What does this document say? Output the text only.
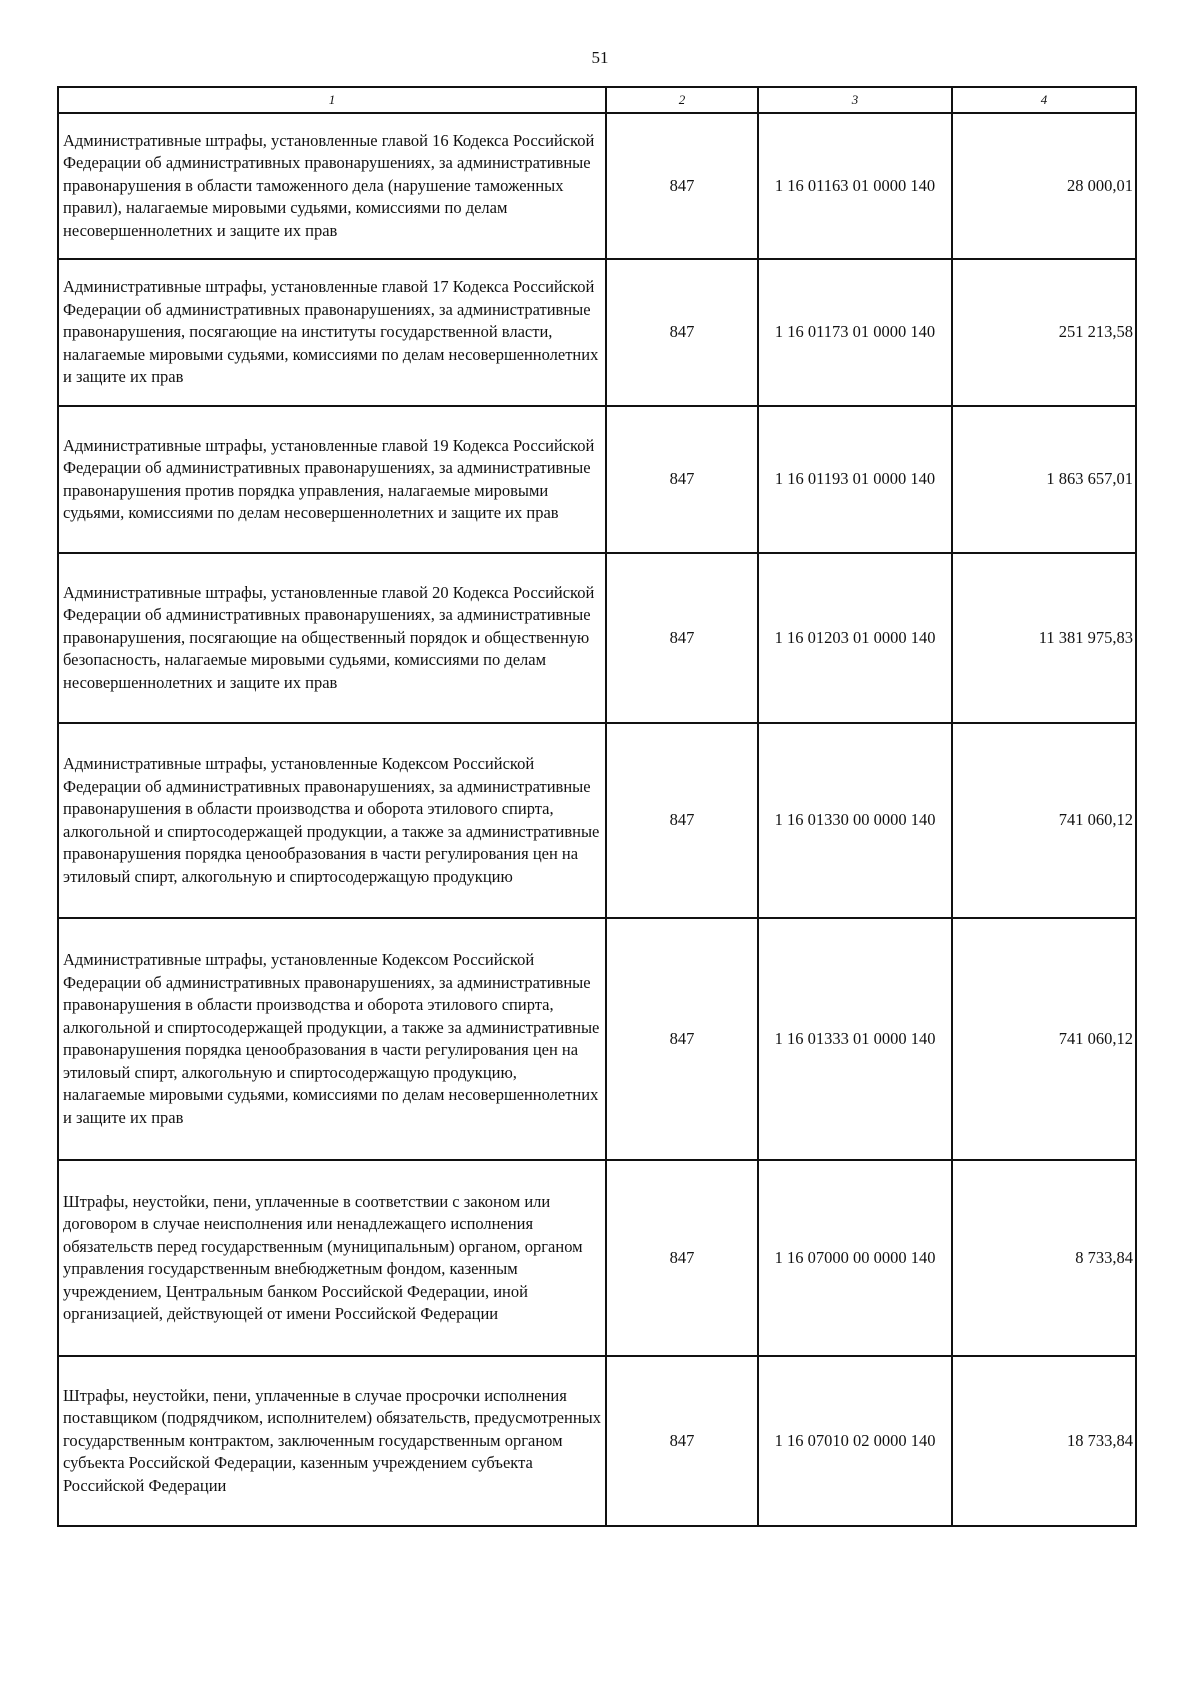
51
1	2	3	4
Административные штрафы, установленные главой 16 Кодекса Российской Федерации об административных правонарушениях, за административные правонарушения в области таможенного дела (нарушение таможенных правил), налагаемые мировыми судьями, комиссиями по делам несовершеннолетних и защите их прав	847	1 16 01163 01 0000 140	28 000,01
Административные штрафы, установленные главой 17 Кодекса Российской Федерации об административных правонарушениях, за административные правонарушения, посягающие на институты государственной власти, налагаемые мировыми судьями, комиссиями по делам несовершеннолетних и защите их прав	847	1 16 01173 01 0000 140	251 213,58
Административные штрафы, установленные главой 19 Кодекса Российской Федерации об административных правонарушениях, за административные правонарушения против порядка управления, налагаемые мировыми судьями, комиссиями по делам несовершеннолетних и защите их прав	847	1 16 01193 01 0000 140	1 863 657,01
Административные штрафы, установленные главой 20 Кодекса Российской Федерации об административных правонарушениях, за административные правонарушения, посягающие на общественный порядок и общественную безопасность, налагаемые мировыми судьями, комиссиями по делам несовершеннолетних и защите их прав	847	1 16 01203 01 0000 140	11 381 975,83
Административные штрафы, установленные Кодексом Российской Федерации об административных правонарушениях, за административные правонарушения в области производства и оборота этилового спирта, алкогольной и спиртосодержащей продукции, а также за административные правонарушения порядка ценообразования в части регулирования цен на этиловый спирт, алкогольную и спиртосодержащую продукцию	847	1 16 01330 00 0000 140	741 060,12
Административные штрафы, установленные Кодексом Российской Федерации об административных правонарушениях, за административные правонарушения в области производства и оборота этилового спирта, алкогольной и спиртосодержащей продукции, а также за административные правонарушения порядка ценообразования в части регулирования цен на этиловый спирт, алкогольную и спиртосодержащую продукцию, налагаемые мировыми судьями, комиссиями по делам несовершеннолетних и защите их прав	847	1 16 01333 01 0000 140	741 060,12
Штрафы, неустойки, пени, уплаченные в соответствии с законом или договором в случае неисполнения или ненадлежащего исполнения обязательств перед государственным (муниципальным) органом, органом управления государственным внебюджетным фондом, казенным учреждением, Центральным банком Российской Федерации, иной организацией, действующей от имени Российской Федерации	847	1 16 07000 00 0000 140	8 733,84
Штрафы, неустойки, пени, уплаченные в случае просрочки исполнения поставщиком (подрядчиком, исполнителем) обязательств, предусмотренных государственным контрактом, заключенным государственным органом субъекта Российской Федерации, казенным учреждением субъекта Российской Федерации	847	1 16 07010 02 0000 140	18 733,84
